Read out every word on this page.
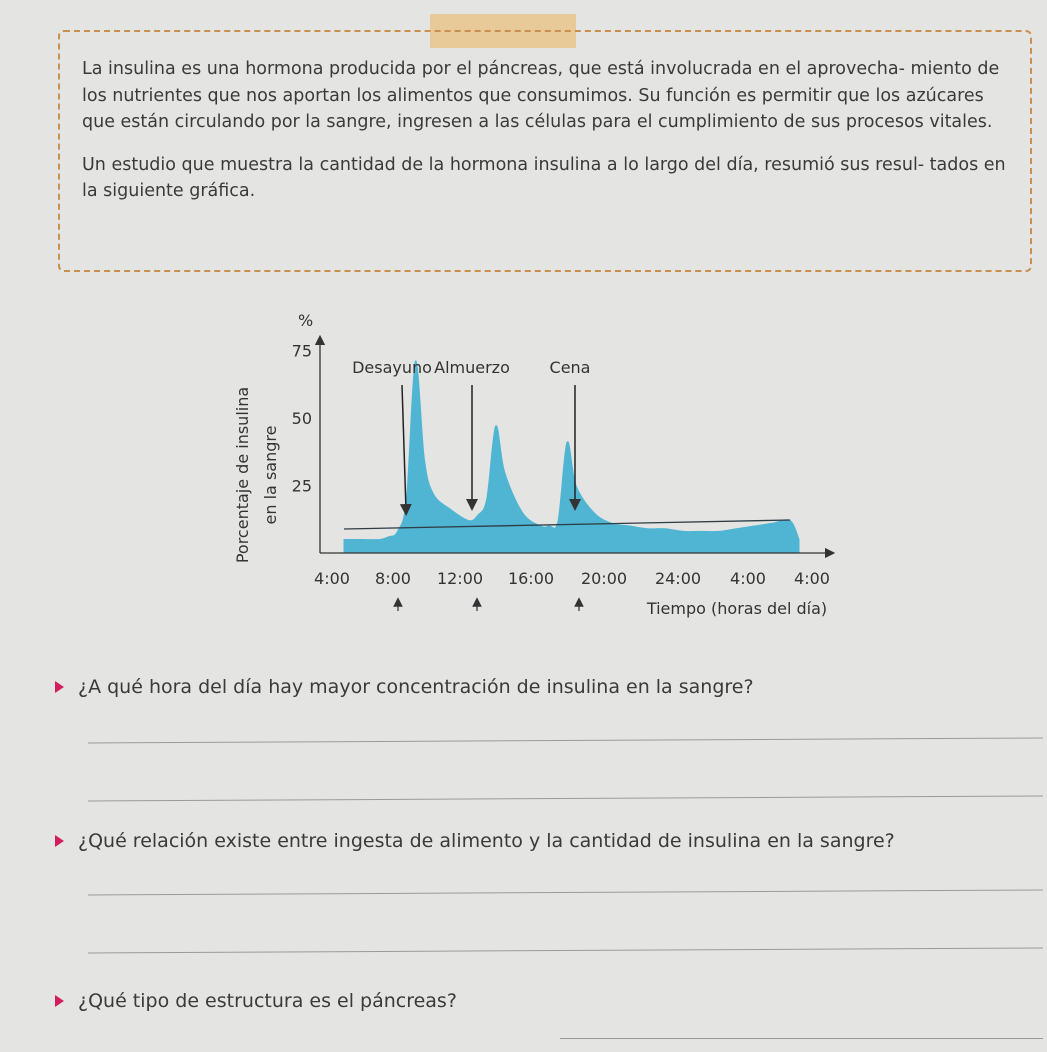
La insulina es una hormona producida por el páncreas, que está involucrada en el aprovecha- miento de los nutrientes que nos aportan los alimentos que consumimos. Su función es permitir que los azúcares que están circulando por la sangre, ingresen a las células para el cumplimiento de sus procesos vitales.

Un estudio que muestra la cantidad de la hormona insulina a lo largo del día, resumió sus resul- tados en la siguiente gráfica.

%
25
50
75
Porcentaje de insulina en la sangre
4:00 8:00 12:00 16:00 20:00 24:00 4:00 4:00
Tiempo (horas del día)
Desayuno Almuerzo Cena
¿A qué hora del día hay mayor concentración de insulina en la sangre?
¿Qué relación existe entre ingesta de alimento y la cantidad de insulina en la sangre?
¿Qué tipo de estructura es el páncreas?
